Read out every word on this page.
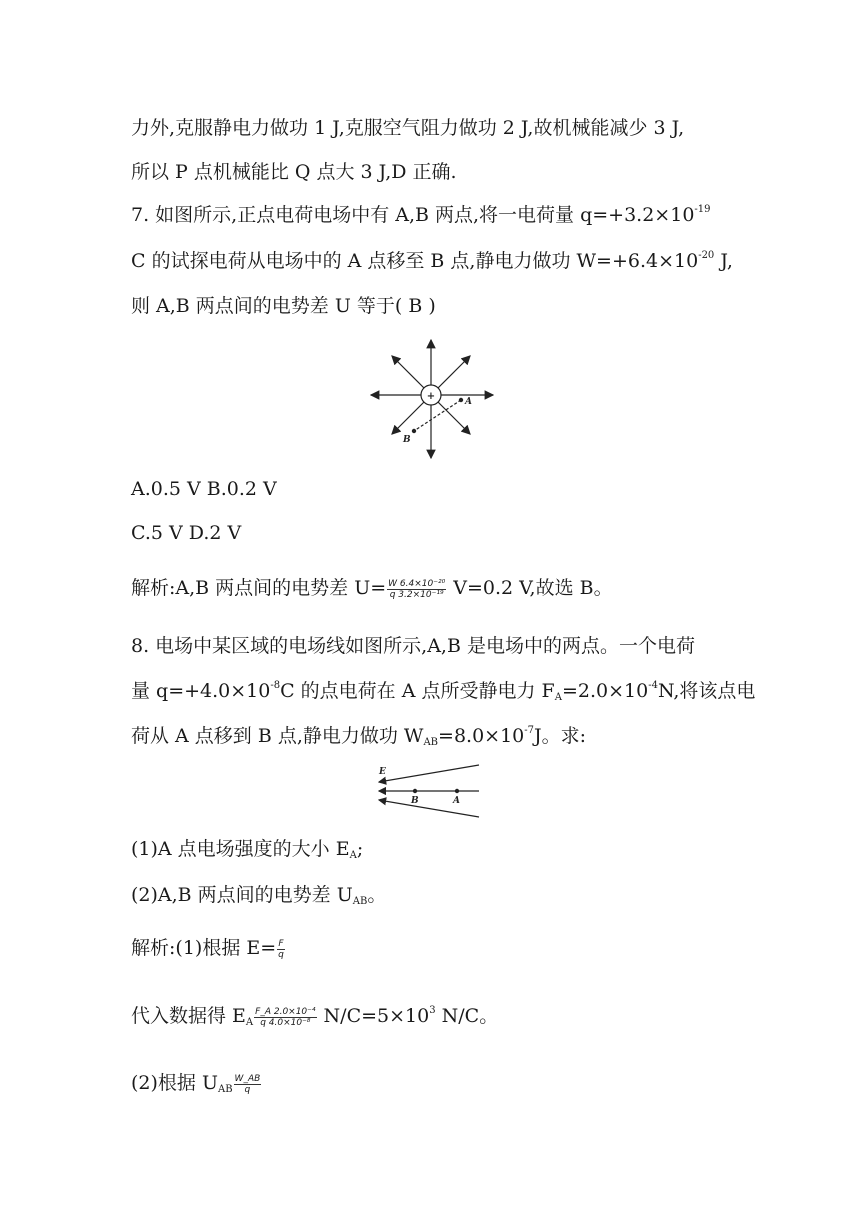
力外,克服静电力做功 1 J,克服空气阻力做功 2 J,故机械能减少 3 J,
所以 P 点机械能比 Q 点大 3 J,D 正确.
7. 如图所示,正点电荷电场中有 A,B 两点,将一电荷量 $q=+3.2\times 10^{-19}$
C 的试探电荷从电场中的 A 点移至 B 点,静电力做功 $W=+6.4\times 10^{-20}$ J,
则 A,B 两点间的电势差 U 等于( B )
+	A
B
A.0.5 V B.0.2 V
C.5 V D.2 V
解析:A,B 两点间的电势差 $U= \frac{\text{W 6.4×10⁻²⁰}}{\text{q 3.2×10⁻¹⁹}} V=0.2$ V,故选 B。
8. 电场中某区域的电场线如图所示,A,B 是电场中的两点。一个电荷
量 $q=+4.0\times 10^{-8}C$ 的点电荷在 A 点所受静电力 $F_A=2.0\times 10^{-4}N$,将该点电
荷从 A 点移到 B 点,静电力做功 $W_{AB}=8.0\times 10^{-7}J$。求:
E
B	A
(1)A 点电场强度的大小 $E_A$;
(2)A,B 两点间的电势差 $U_{AB}$。
解析:(1)根据 $E= \frac{F}{q}$
代入数据得 $E_A \frac{\text{F\_A 2.0×10⁻⁴}}{\text{q 4.0×10⁻⁸}} N/C=5\times 10^3$ N/C。
(2)根据 $U_{AB} \frac{W\_AB}{q}$
